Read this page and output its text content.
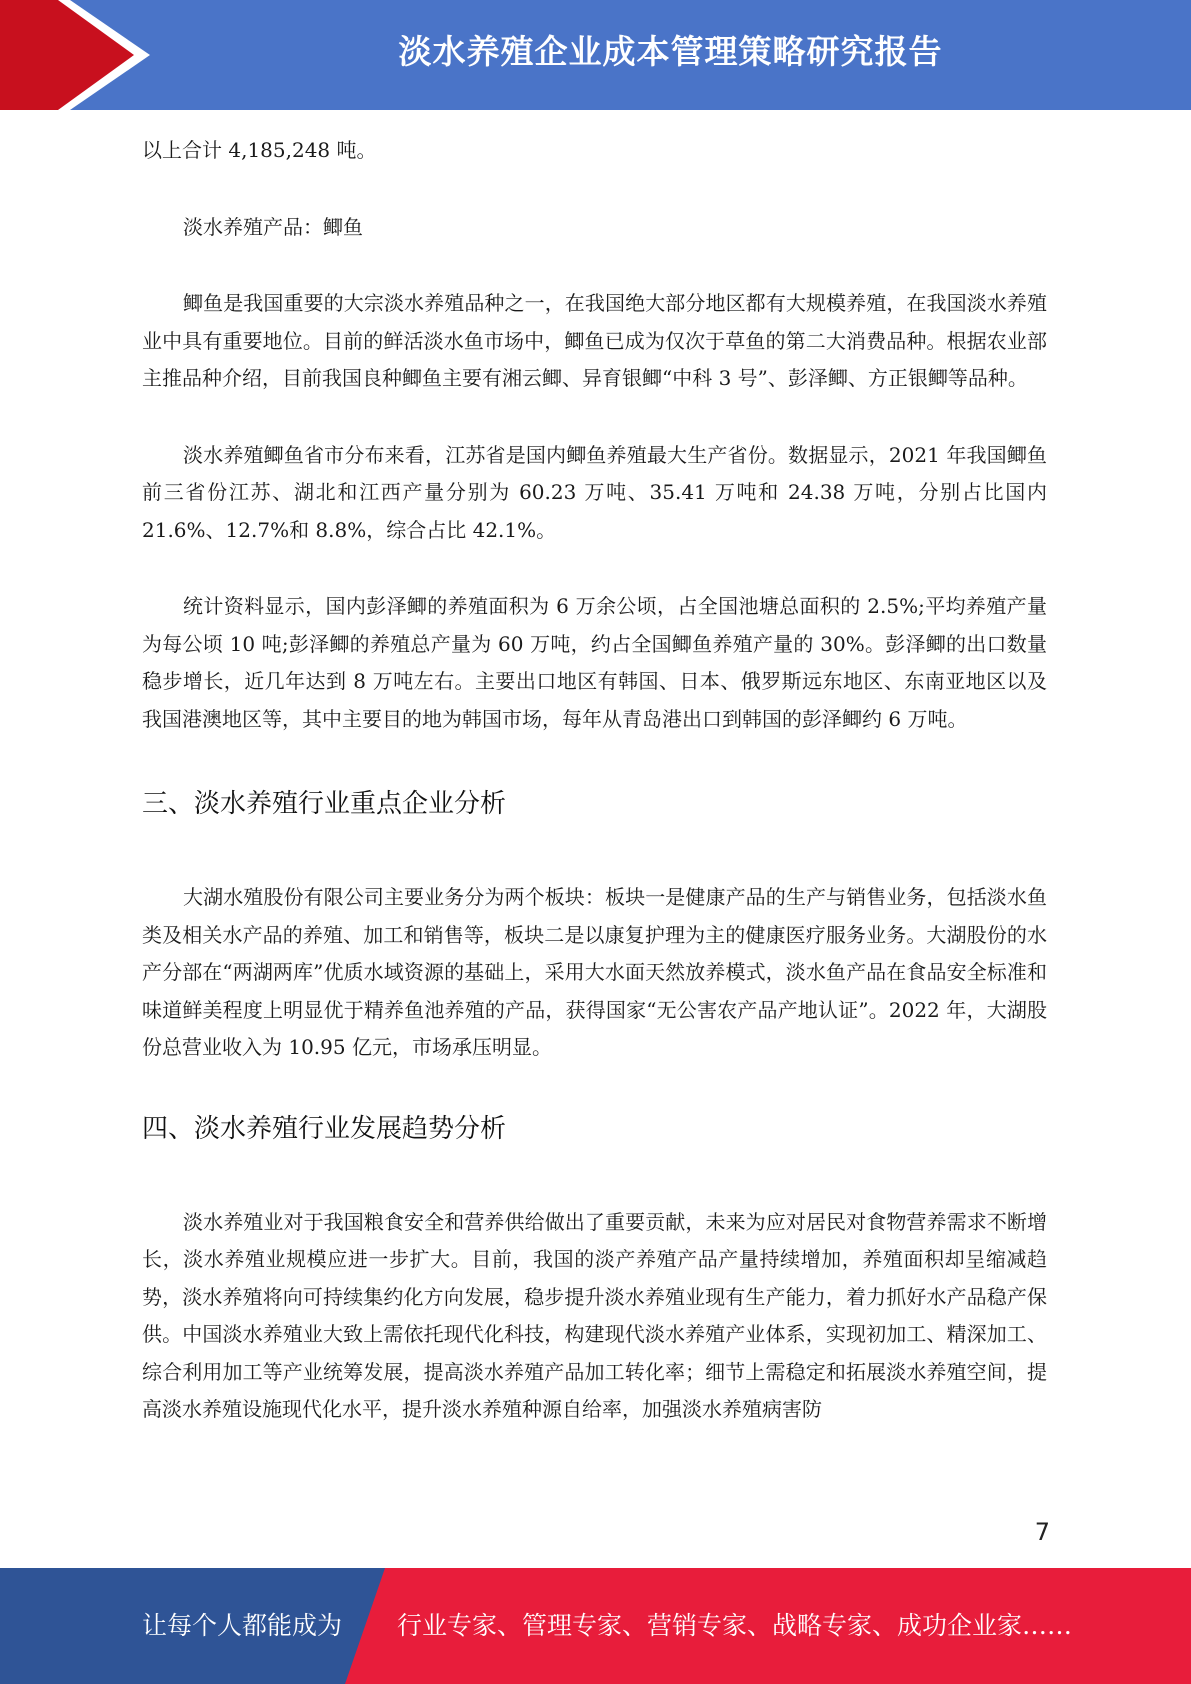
淡水养殖企业成本管理策略研究报告

以上合计 4,185,248 吨。

淡水养殖产品：鲫鱼

鲫鱼是我国重要的大宗淡水养殖品种之一，在我国绝大部分地区都有大规模养殖，在我国淡水养殖业中具有重要地位。目前的鲜活淡水鱼市场中，鲫鱼已成为仅次于草鱼的第二大消费品种。根据农业部主推品种介绍，目前我国良种鲫鱼主要有湘云鲫、异育银鲫“中科 3 号”、彭泽鲫、方正银鲫等品种。

淡水养殖鲫鱼省市分布来看，江苏省是国内鲫鱼养殖最大生产省份。数据显示，2021 年我国鲫鱼前三省份江苏、湖北和江西产量分别为 60.23 万吨、35.41 万吨和 24.38 万吨，分别占比国内 21.6%、12.7%和 8.8%，综合占比 42.1%。

统计资料显示，国内彭泽鲫的养殖面积为 6 万余公顷，占全国池塘总面积的 2.5%;平均养殖产量为每公顷 10 吨;彭泽鲫的养殖总产量为 60 万吨，约占全国鲫鱼养殖产量的 30%。彭泽鲫的出口数量稳步增长，近几年达到 8 万吨左右。主要出口地区有韩国、日本、俄罗斯远东地区、东南亚地区以及我国港澳地区等，其中主要目的地为韩国市场，每年从青岛港出口到韩国的彭泽鲫约 6 万吨。

三、淡水养殖行业重点企业分析

大湖水殖股份有限公司主要业务分为两个板块：板块一是健康产品的生产与销售业务，包括淡水鱼类及相关水产品的养殖、加工和销售等，板块二是以康复护理为主的健康医疗服务业务。大湖股份的水产分部在“两湖两库”优质水域资源的基础上，采用大水面天然放养模式，淡水鱼产品在食品安全标准和味道鲜美程度上明显优于精养鱼池养殖的产品，获得国家“无公害农产品产地认证”。2022 年，大湖股份总营业收入为 10.95 亿元，市场承压明显。

四、淡水养殖行业发展趋势分析

淡水养殖业对于我国粮食安全和营养供给做出了重要贡献，未来为应对居民对食物营养需求不断增长，淡水养殖业规模应进一步扩大。目前，我国的淡产养殖产品产量持续增加，养殖面积却呈缩减趋势，淡水养殖将向可持续集约化方向发展，稳步提升淡水养殖业现有生产能力，着力抓好水产品稳产保供。中国淡水养殖业大致上需依托现代化科技，构建现代淡水养殖产业体系，实现初加工、精深加工、综合利用加工等产业统筹发展，提高淡水养殖产品加工转化率；细节上需稳定和拓展淡水养殖空间，提高淡水养殖设施现代化水平，提升淡水养殖种源自给率，加强淡水养殖病害防

7
让每个人都能成为 行业专家、管理专家、营销专家、战略专家、成功企业家……
